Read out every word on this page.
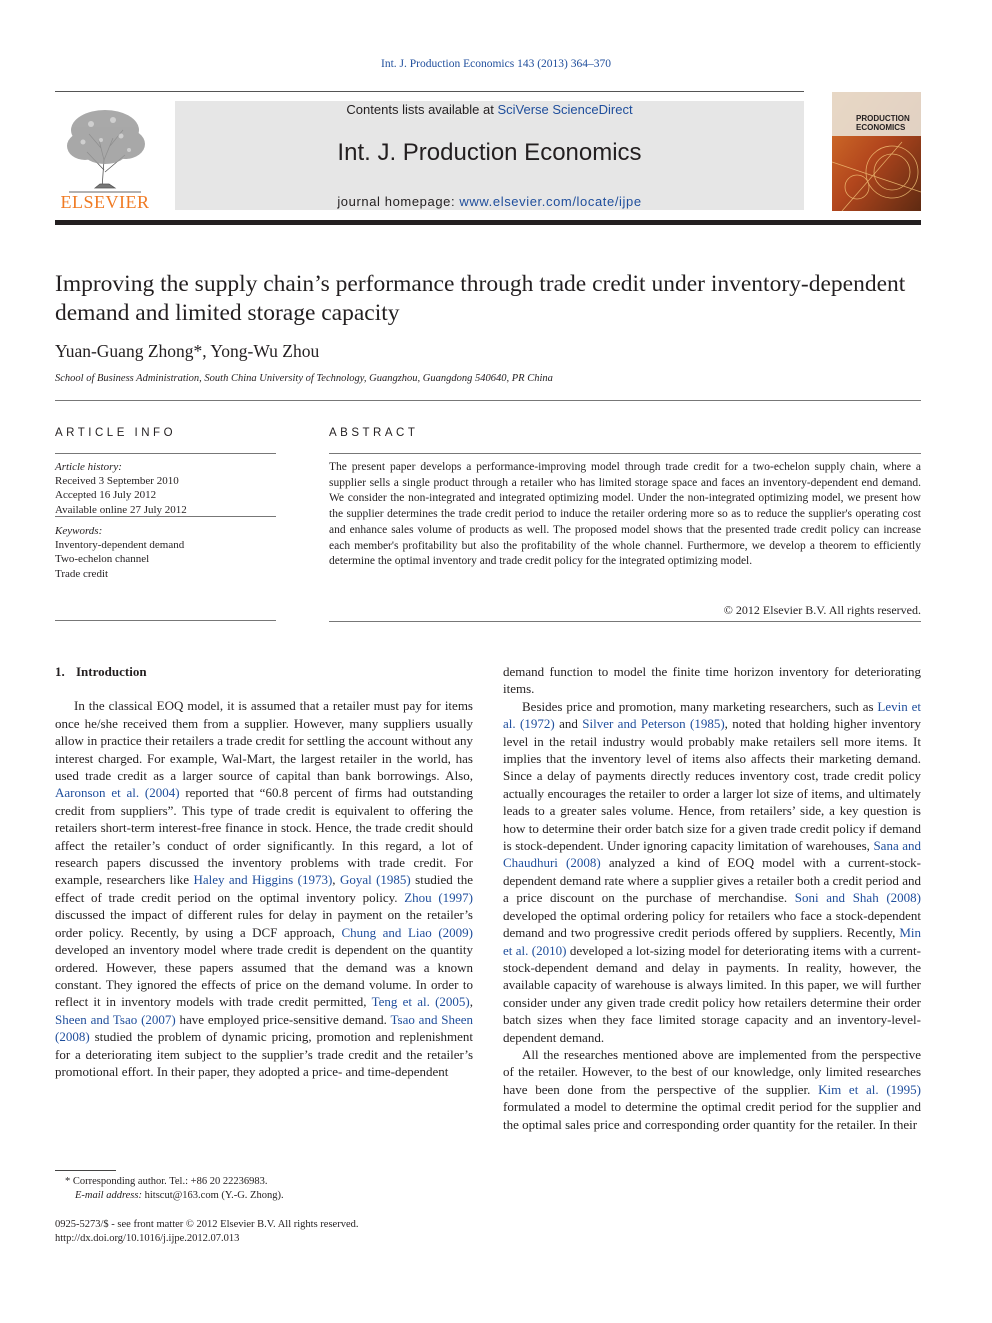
Int. J. Production Economics 143 (2013) 364–370
ELSEVIER
Contents lists available at SciVerse ScienceDirect
Int. J. Production Economics
journal homepage: www.elsevier.com/locate/ijpe
PRODUCTION
ECONOMICS
Improving the supply chain’s performance through trade credit under inventory-dependent demand and limited storage capacity
Yuan-Guang Zhong*, Yong-Wu Zhou
School of Business Administration, South China University of Technology, Guangzhou, Guangdong 540640, PR China
ARTICLE INFO	ABSTRACT
Article history:
Received 3 September 2010
Accepted 16 July 2012
Available online 27 July 2012
Keywords:
Inventory-dependent demand
Two-echelon channel
Trade credit
The present paper develops a performance-improving model through trade credit for a two-echelon supply chain, where a supplier sells a single product through a retailer who has limited storage space and faces an inventory-dependent end demand. We consider the non-integrated and integrated optimizing model. Under the non-integrated optimizing model, we present how the supplier determines the trade credit period to induce the retailer ordering more so as to reduce the supplier's operating cost and enhance sales volume of products as well. The proposed model shows that the presented trade credit policy can increase each member's profitability but also the profitability of the whole channel. Furthermore, we develop a theorem to efficiently determine the optimal inventory and trade credit policy for the integrated optimizing model.
© 2012 Elsevier B.V. All rights reserved.
1. Introduction

In the classical EOQ model, it is assumed that a retailer must pay for items once he/she received them from a supplier. However, many suppliers usually allow in practice their retailers a trade credit for settling the account without any interest charged. For example, Wal-Mart, the largest retailer in the world, has used trade credit as a larger source of capital than bank borrowings. Also, Aaronson et al. (2004) reported that “60.8 percent of firms had outstanding credit from suppliers”. This type of trade credit is equivalent to offering the retailers short-term interest-free finance in stock. Hence, the trade credit should affect the retailer’s conduct of order significantly. In this regard, a lot of research papers discussed the inventory problems with trade credit. For example, researchers like Haley and Higgins (1973), Goyal (1985) studied the effect of trade credit period on the optimal inventory policy. Zhou (1997) discussed the impact of different rules for delay in payment on the retailer’s order policy. Recently, by using a DCF approach, Chung and Liao (2009) developed an inventory model where trade credit is dependent on the quantity ordered. However, these papers assumed that the demand was a known constant. They ignored the effects of price on the demand volume. In order to reflect it in inventory models with trade credit permitted, Teng et al. (2005), Sheen and Tsao (2007) have employed price-sensitive demand. Tsao and Sheen (2008) studied the problem of dynamic pricing, promotion and replenishment for a deteriorating item subject to the supplier’s trade credit and the retailer’s promotional effort. In their paper, they adopted a price- and time-dependent

demand function to model the finite time horizon inventory for deteriorating items.

Besides price and promotion, many marketing researchers, such as Levin et al. (1972) and Silver and Peterson (1985), noted that holding higher inventory level in the retail industry would probably make retailers sell more items. It implies that the inventory level of items also affects their marketing demand. Since a delay of payments directly reduces inventory cost, trade credit policy actually encourages the retailer to order a larger lot size of items, and ultimately leads to a greater sales volume. Hence, from retailers’ side, a key question is how to determine their order batch size for a given trade credit policy if demand is stock-dependent. Under ignoring capacity limitation of warehouses, Sana and Chaudhuri (2008) analyzed a kind of EOQ model with a current-stock-dependent demand rate where a supplier gives a retailer both a credit period and a price discount on the purchase of merchandise. Soni and Shah (2008) developed the optimal ordering policy for retailers who face a stock-dependent demand and two progressive credit periods offered by suppliers. Recently, Min et al. (2010) developed a lot-sizing model for deteriorating items with a current-stock-dependent demand and delay in payments. In reality, however, the available capacity of warehouse is always limited. In this paper, we will further consider under any given trade credit policy how retailers determine their order batch sizes when they face limited storage capacity and an inventory-level-dependent demand.

All the researches mentioned above are implemented from the perspective of the retailer. However, to the best of our knowledge, only limited researches have been done from the perspective of the supplier. Kim et al. (1995) formulated a model to determine the optimal credit period for the supplier and the optimal sales price and corresponding order quantity for the retailer. In their

* Corresponding author. Tel.: +86 20 22236983.
E-mail address: hitscut@163.com (Y.-G. Zhong).
0925-5273/$ - see front matter © 2012 Elsevier B.V. All rights reserved.
http://dx.doi.org/10.1016/j.ijpe.2012.07.013
